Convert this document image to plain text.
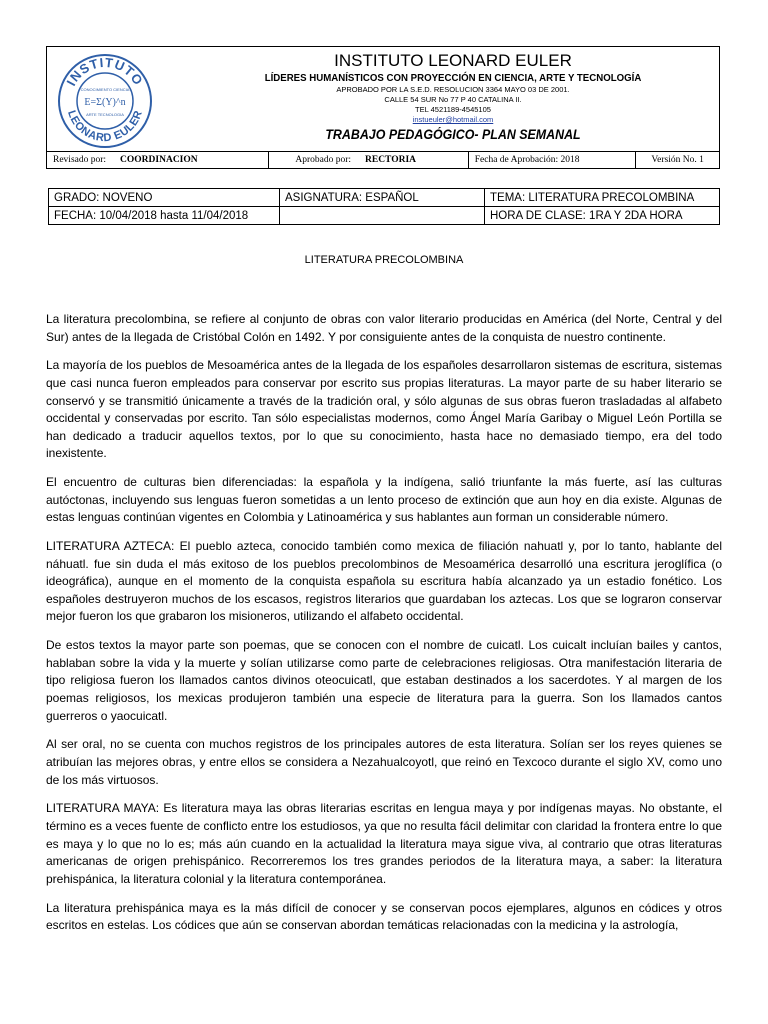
INSTITUTO
LEONARD EULER
CONOCIMIENTO CIENCIA
E=Σ(Y)^n
ARTE TECNOLOGIA
INSTITUTO LEONARD EULER
LÍDERES HUMANÍSTICOS CON PROYECCIÓN EN CIENCIA, ARTE Y TECNOLOGÍA
APROBADO POR LA S.E.D. RESOLUCION 3364 MAYO 03 DE 2001.
CALLE 54 SUR No 77 P 40 CATALINA II.
TEL 4521189-4545105
instueuler@hotmail.com
TRABAJO PEDAGÓGICO- PLAN SEMANAL
Revisado por: COORDINACION	Aprobado por: RECTORIA	Fecha de Aprobación: 2018	Versión No. 1
GRADO: NOVENO	ASIGNATURA: ESPAÑOL	TEMA: LITERATURA PRECOLOMBINA
FECHA: 10/04/2018 hasta 11/04/2018		HORA DE CLASE: 1RA Y 2DA HORA
LITERATURA PRECOLOMBINA

La literatura precolombina, se refiere al conjunto de obras con valor literario producidas en América (del Norte, Central y del Sur) antes de la llegada de Cristóbal Colón en 1492. Y por consiguiente antes de la conquista de nuestro continente.

La mayoría de los pueblos de Mesoamérica antes de la llegada de los españoles desarrollaron sistemas de escritura, sistemas que casi nunca fueron empleados para conservar por escrito sus propias literaturas. La mayor parte de su haber literario se conservó y se transmitió únicamente a través de la tradición oral, y sólo algunas de sus obras fueron trasladadas al alfabeto occidental y conservadas por escrito. Tan sólo especialistas modernos, como Ángel María Garibay o Miguel León Portilla se han dedicado a traducir aquellos textos, por lo que su conocimiento, hasta hace no demasiado tiempo, era del todo inexistente.

El encuentro de culturas bien diferenciadas: la española y la indígena, salió triunfante la más fuerte, así las culturas autóctonas, incluyendo sus lenguas fueron sometidas a un lento proceso de extinción que aun hoy en dia existe. Algunas de estas lenguas continúan vigentes en Colombia y Latinoamérica y sus hablantes aun forman un considerable número.

LITERATURA AZTECA: El pueblo azteca, conocido también como mexica de filiación nahuatl y, por lo tanto, hablante del náhuatl. fue sin duda el más exitoso de los pueblos precolombinos de Mesoamérica desarrolló una escritura jeroglífica (o ideográfica), aunque en el momento de la conquista española su escritura había alcanzado ya un estadio fonético. Los españoles destruyeron muchos de los escasos, registros literarios que guardaban los aztecas. Los que se lograron conservar mejor fueron los que grabaron los misioneros, utilizando el alfabeto occidental.

De estos textos la mayor parte son poemas, que se conocen con el nombre de cuicatl. Los cuicalt incluían bailes y cantos, hablaban sobre la vida y la muerte y solían utilizarse como parte de celebraciones religiosas. Otra manifestación literaria de tipo religiosa fueron los llamados cantos divinos oteocuicatl, que estaban destinados a los sacerdotes. Y al margen de los poemas religiosos, los mexicas produjeron también una especie de literatura para la guerra. Son los llamados cantos guerreros o yaocuicatl.

Al ser oral, no se cuenta con muchos registros de los principales autores de esta literatura. Solían ser los reyes quienes se atribuían las mejores obras, y entre ellos se considera a Nezahualcoyotl, que reinó en Texcoco durante el siglo XV, como uno de los más virtuosos.

LITERATURA MAYA: Es literatura maya las obras literarias escritas en lengua maya y por indígenas mayas. No obstante, el término es a veces fuente de conflicto entre los estudiosos, ya que no resulta fácil delimitar con claridad la frontera entre lo que es maya y lo que no lo es; más aún cuando en la actualidad la literatura maya sigue viva, al contrario que otras literaturas americanas de origen prehispánico. Recorreremos los tres grandes periodos de la literatura maya, a saber: la literatura prehispánica, la literatura colonial y la literatura contemporánea.

La literatura prehispánica maya es la más difícil de conocer y se conservan pocos ejemplares, algunos en códices y otros escritos en estelas. Los códices que aún se conservan abordan temáticas relacionadas con la medicina y la astrología,
